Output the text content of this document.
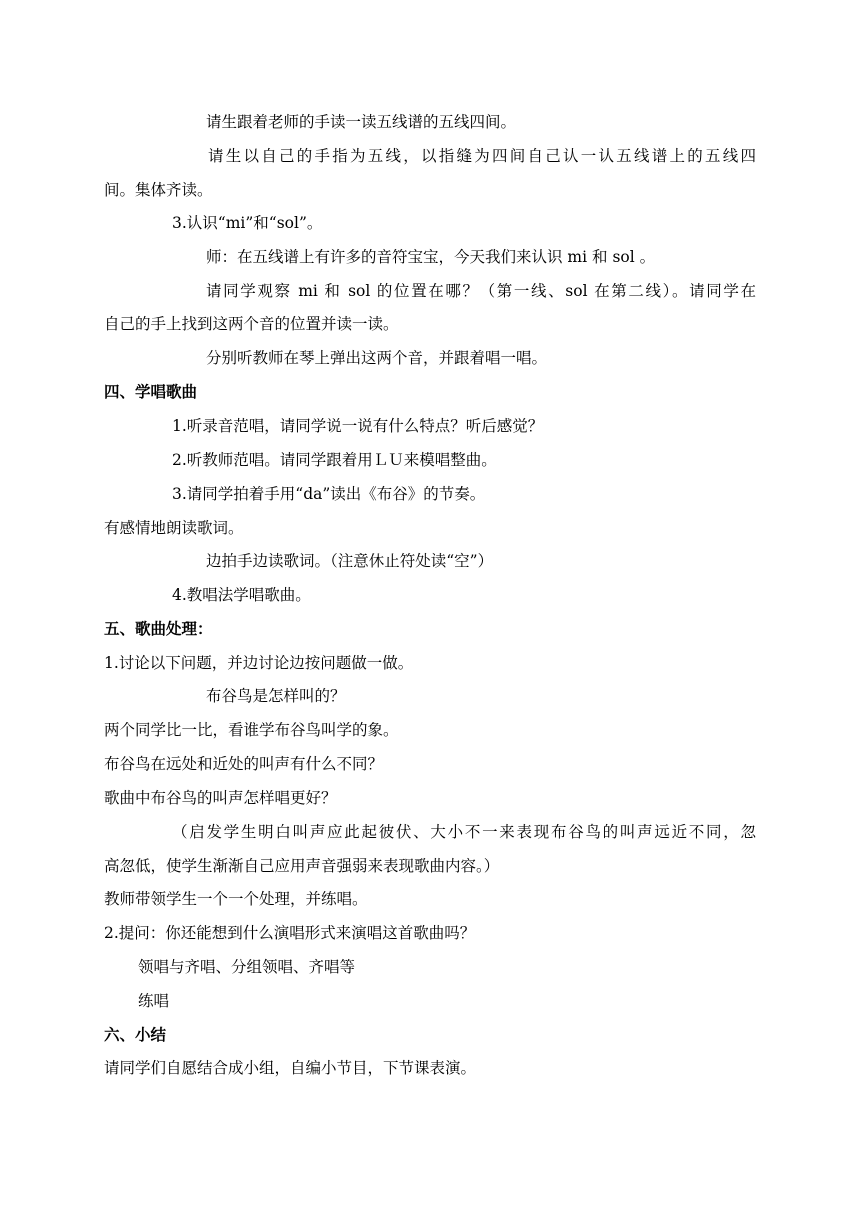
请生跟着老师的手读一读五线谱的五线四间。
请生以自己的手指为五线，以指缝为四间自己认一认五线谱上的五线四
间。集体齐读。
3.认识“mi”和“sol”。
师：在五线谱上有许多的音符宝宝，今天我们来认识 mi 和 sol 。
请同学观察 mi 和 sol 的位置在哪？（第一线、sol 在第二线）。请同学在
自己的手上找到这两个音的位置并读一读。
分别听教师在琴上弹出这两个音，并跟着唱一唱。
四、学唱歌曲
1.听录音范唱，请同学说一说有什么特点？听后感觉？
2.听教师范唱。请同学跟着用ＬＵ来模唱整曲。
3.请同学拍着手用“da”读出《布谷》的节奏。
有感情地朗读歌词。
边拍手边读歌词。（注意休止符处读“空”）
4.教唱法学唱歌曲。
五、歌曲处理：
1.讨论以下问题，并边讨论边按问题做一做。
布谷鸟是怎样叫的？
两个同学比一比，看谁学布谷鸟叫学的象。
布谷鸟在远处和近处的叫声有什么不同？
歌曲中布谷鸟的叫声怎样唱更好？
（启发学生明白叫声应此起彼伏、大小不一来表现布谷鸟的叫声远近不同，忽
高忽低，使学生渐渐自己应用声音强弱来表现歌曲内容。）
教师带领学生一个一个处理，并练唱。
2.提问：你还能想到什么演唱形式来演唱这首歌曲吗？
领唱与齐唱、分组领唱、齐唱等
练唱
六、小结
请同学们自愿结合成小组，自编小节目，下节课表演。
